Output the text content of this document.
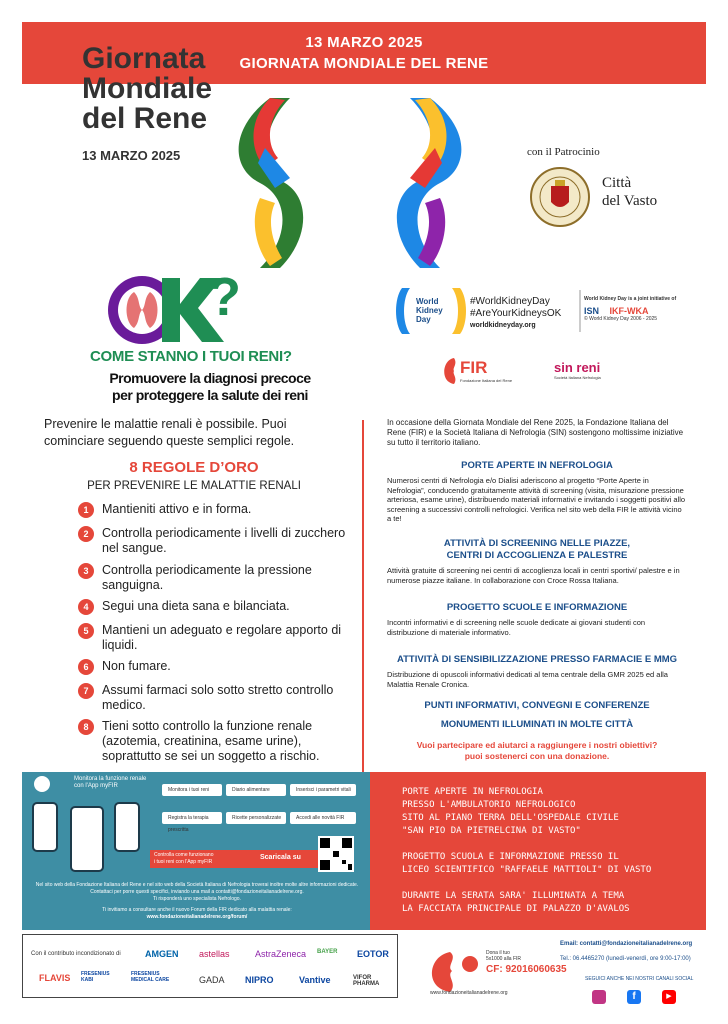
13 MARZO 2025
GIORNATA MONDIALE DEL RENE
Giornata
Mondiale
del Rene
13 MARZO 2025	con il Patrocinio
Città
del Vasto
?
COME STANNO I TUOI RENI?
Promuovere la diagnosi precoce
per proteggere la salute dei reni
World Kidney Day
#WorldKidneyDay
#AreYourKidneysOK
worldkidneyday.org
World Kidney Day is a joint initiative of
ISN IKF-WKA
© World Kidney Day 2006 - 2025
FIR
Fondazione Italiana del Rene
sin reni
Società Italiana Nefrologia
Prevenire le malattie renali è possibile. Puoi cominciare seguendo queste semplici regole.
8 REGOLE D’ORO
PER PREVENIRE LE MALATTIE RENALI
1	Mantieniti attivo e in forma.
2	Controlla periodicamente i livelli di zucchero nel sangue.
3	Controlla periodicamente la pressione sanguigna.
4	Segui una dieta sana e bilanciata.
5	Mantieni un adeguato e regolare apporto di liquidi.
6	Non fumare.
7	Assumi farmaci solo sotto stretto controllo medico.
8	Tieni sotto controllo la funzione renale (azotemia, creatinina, esame urine), soprattutto se sei un soggetto a rischio.
In occasione della Giornata Mondiale del Rene 2025, la Fondazione Italiana del Rene (FIR) e la Società Italiana di Nefrologia (SIN) sostengono moltissime iniziative su tutto il territorio italiano.
PORTE APERTE IN NEFROLOGIA
Numerosi centri di Nefrologia e/o Dialisi aderiscono al progetto “Porte Aperte in Nefrologia”, conducendo gratuitamente attività di screening (visita, misurazione pressione arteriosa, esame urine), distribuendo materiali informativi e invitando i soggetti positivi allo screening a successivi controlli nefrologici. Verifica nel sito web della FIR le attività vicino a te!
ATTIVITÀ DI SCREENING NELLE PIAZZE,
CENTRI DI ACCOGLIENZA E PALESTRE
Attività gratuite di screening nei centri di accoglienza locali in centri sportivi/ palestre e in numerose piazze italiane. In collaborazione con Croce Rossa Italiana.
PROGETTO SCUOLE E INFORMAZIONE
Incontri informativi e di screening nelle scuole dedicate ai giovani studenti con distribuzione di materiale informativo.
ATTIVITÀ DI SENSIBILIZZAZIONE PRESSO FARMACIE E MMG
Distribuzione di opuscoli informativi dedicati al tema centrale della GMR 2025 ed alla Malattia Renale Cronica.
PUNTI INFORMATIVI, CONVEGNI E CONFERENZE
MONUMENTI ILLUMINATI IN MOLTE CITTÀ
Vuoi partecipare ed aiutarci a raggiungere i nostri obiettivi?
puoi sostenerci con una donazione.
Monitora la funzione renale
con l'App myFIR
Monitora i tuoi reni	Diario alimentare	Inserisci i parametri vitali
Registra la terapia prescritta
Ricette personalizzate	Accedi alle novità FIR
Controlla come funzionano
i tuoi reni con l'App myFIR
Scaricala su
Nel sito web della Fondazione Italiana del Rene e nel sito web della Società Italiana di Nefrologia troverai inoltre molte altre informazioni dedicate.
Contattaci per porre questi specifici, inviando una mail a contatti@fondazioneitalianadelrene.org.
Ti risponderà uno specialista Nefrologo.
Ti invitiamo a consultare anche il nuovo Forum della FIR dedicato alla malattia renale:
www.fondazioneitalianadelrene.org/forum/

PORTE APERTE IN NEFROLOGIA
PRESSO L'AMBULATORIO NEFROLOGICO
SITO AL PIANO TERRA DELL'OSPEDALE CIVILE
"SAN PIO DA PIETRELCINA DI VASTO"

PROGETTO SCUOLA E INFORMAZIONE PRESSO IL
LICEO SCIENTIFICO "RAFFAELE MATTIOLI" DI VASTO

DURANTE LA SERATA SARA' ILLUMINATA A TEMA
LA FACCIATA PRINCIPALE DI PALAZZO D'AVALOS

Con il contributo incondizionato di	AMGEN astellas	AstraZeneca BAYER EOTOR
FLAVIS FRESENIUS KABI
FRESENIUS MEDICAL CARE	GADA NIPRO	Vantive	VIFOR PHARMA
Dona il tuo
5x1000 alla FIR
CF: 92016060635
www.fondazioneitalianadelrene.org
Email: contatti@fondazioneitalianadelrene.org
Tel.: 06.4465270 (lunedì-venerdì, ore 9:00-17:00)
SEGUICI ANCHE NEI NOSTRI CANALI SOCIAL
f	▶
